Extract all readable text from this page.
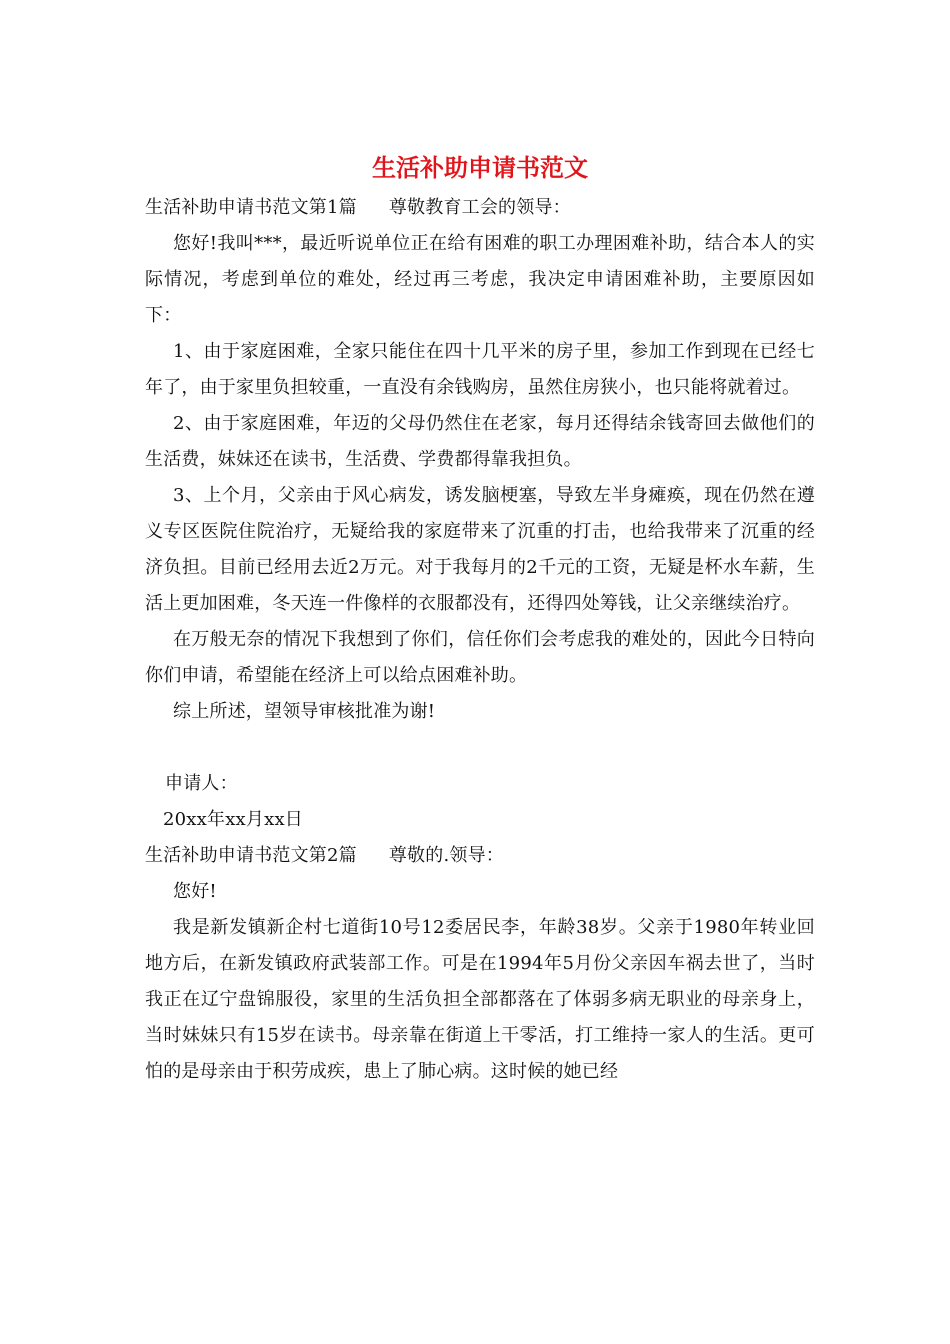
生活补助申请书范文

生活补助申请书范文第1篇 尊敬教育工会的领导：

您好!我叫***，最近听说单位正在给有困难的职工办理困难补助，结合本人的实际情况，考虑到单位的难处，经过再三考虑，我决定申请困难补助，主要原因如下：

1、由于家庭困难，全家只能住在四十几平米的房子里，参加工作到现在已经七年了，由于家里负担较重，一直没有余钱购房，虽然住房狭小，也只能将就着过。

2、由于家庭困难，年迈的父母仍然住在老家，每月还得结余钱寄回去做他们的生活费，妹妹还在读书，生活费、学费都得靠我担负。

3、上个月，父亲由于风心病发，诱发脑梗塞，导致左半身瘫痪，现在仍然在遵义专区医院住院治疗，无疑给我的家庭带来了沉重的打击，也给我带来了沉重的经济负担。目前已经用去近2万元。对于我每月的2千元的工资，无疑是杯水车薪，生活上更加困难，冬天连一件像样的衣服都没有，还得四处筹钱，让父亲继续治疗。

在万般无奈的情况下我想到了你们，信任你们会考虑我的难处的，因此今日特向你们申请，希望能在经济上可以给点困难补助。

综上所述，望领导审核批准为谢!

申请人：

20xx年xx月xx日

生活补助申请书范文第2篇 尊敬的.领导：

您好!

我是新发镇新企村七道街10号12委居民李，年龄38岁。父亲于1980年转业回地方后，在新发镇政府武装部工作。可是在1994年5月份父亲因车祸去世了，当时我正在辽宁盘锦服役，家里的生活负担全部都落在了体弱多病无职业的母亲身上，当时妹妹只有15岁在读书。母亲靠在街道上干零活，打工维持一家人的生活。更可怕的是母亲由于积劳成疾，患上了肺心病。这时候的她已经
